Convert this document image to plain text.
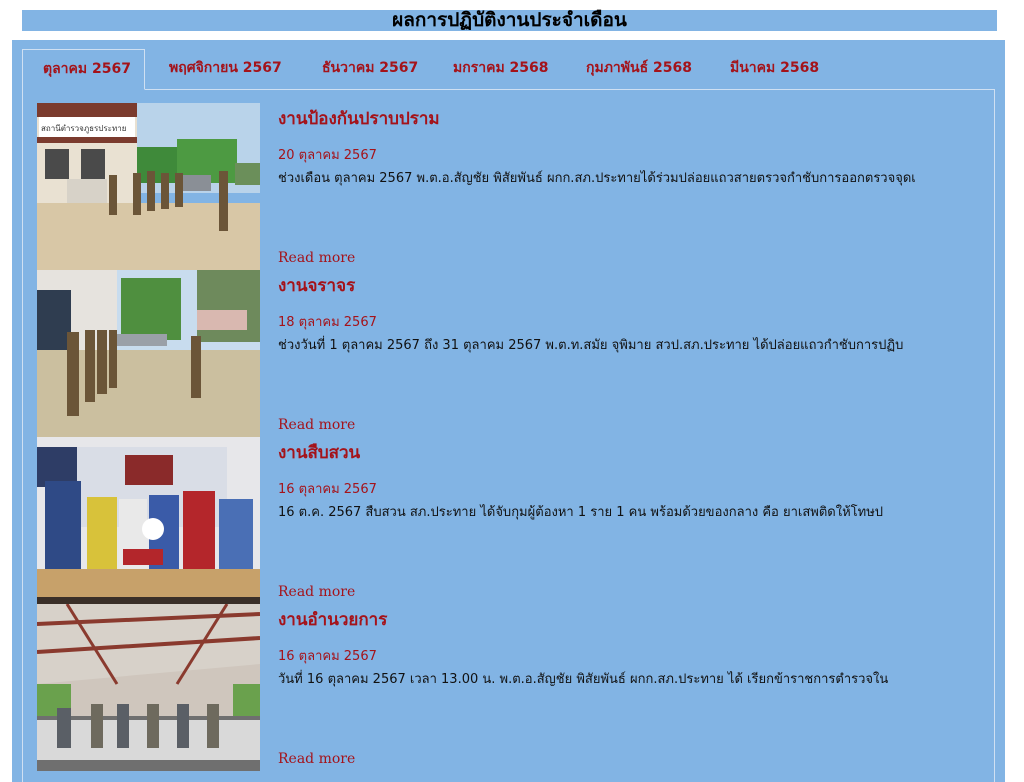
ผลการปฏิบัติงานประจำเดือน
ตุลาคม 2567	พฤศจิกายน 2567	ธันวาคม 2567 มกราคม 2568	กุมภาพันธ์ 2568	มีนาคม 2568
สถานีตำรวจภูธรประทาย	งานป้องกันปราบปราม
20 ตุลาคม 2567
ช่วงเดือน ตุลาคม 2567 พ.ต.อ.สัญชัย พิสัยพันธ์ ผกก.สภ.ประทายได้ร่วมปล่อยแถวสายตรวจกำชับการออกตรวจจุดเ
Read more
งานจราจร
18 ตุลาคม 2567
ช่วงวันที่ 1 ตุลาคม 2567 ถึง 31 ตุลาคม 2567 พ.ต.ท.สมัย จุพิมาย สวป.สภ.ประทาย ได้ปล่อยแถวกำชับการปฏิบ
Read more
งานสืบสวน
16 ตุลาคม 2567
16 ต.ค. 2567 สืบสวน สภ.ประทาย ได้จับกุมผู้ต้องหา 1 ราย 1 คน พร้อมด้วยของกลาง คือ ยาเสพติดให้โทษป
Read more
งานอำนวยการ
16 ตุลาคม 2567
วันที่ 16 ตุลาคม 2567 เวลา 13.00 น. พ.ต.อ.สัญชัย พิสัยพันธ์ ผกก.สภ.ประทาย ได้ เรียกข้าราชการตำรวจใน
Read more
